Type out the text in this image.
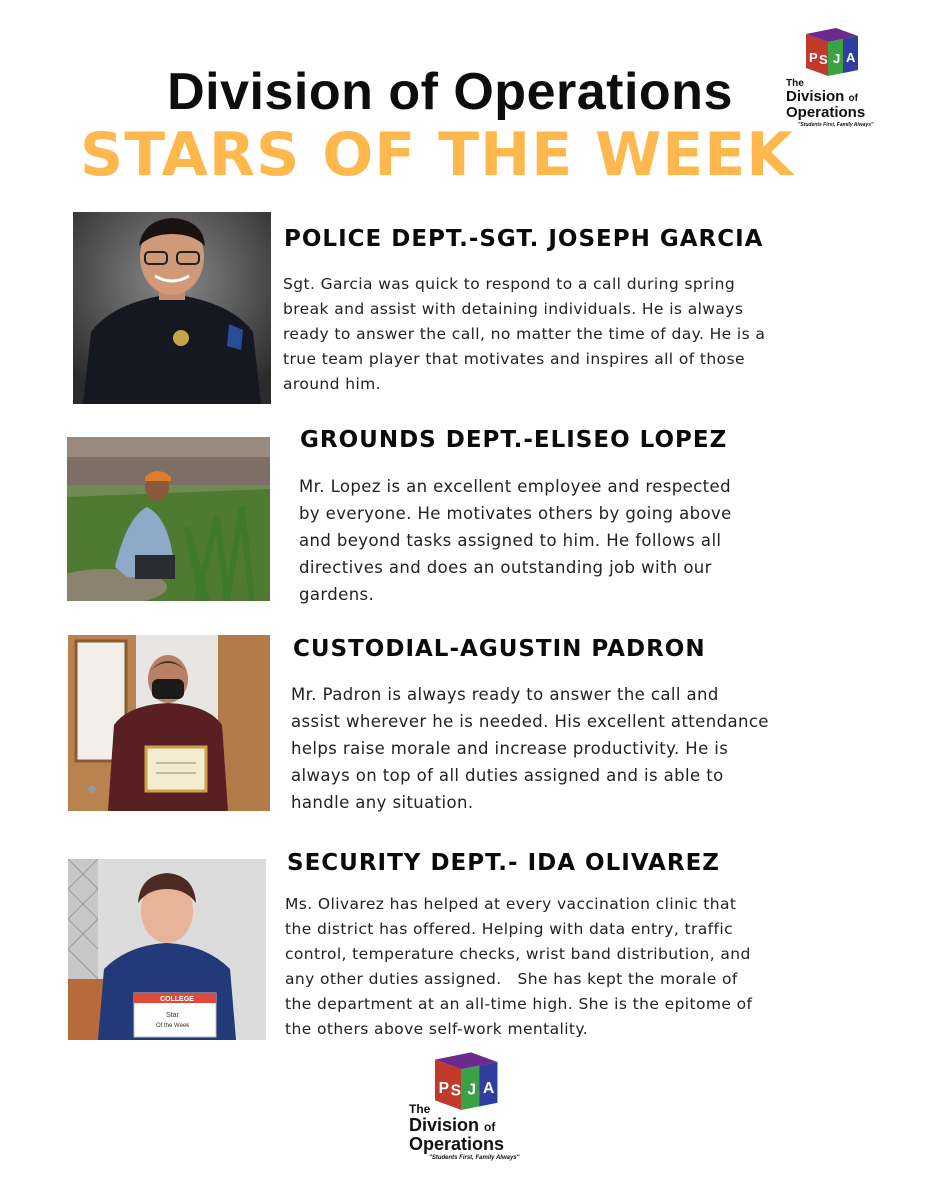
Division of Operations
STARS OF THE WEEK
P S J A
The
Division of
Operations
"Students First, Family Always"
POLICE DEPT.-SGT. JOSEPH GARCIA
Sgt. Garcia was quick to respond to a call during spring
break and assist with detaining individuals. He is always
ready to answer the call, no matter the time of day. He is a
true team player that motivates and inspires all of those
around him.
GROUNDS DEPT.-ELISEO LOPEZ
Mr. Lopez is an excellent employee and respected
by everyone. He motivates others by going above
and beyond tasks assigned to him. He follows all
directives and does an outstanding job with our
gardens.
CUSTODIAL-AGUSTIN PADRON
Mr. Padron is always ready to answer the call and
assist wherever he is needed. His excellent attendance
helps raise morale and increase productivity. He is
always on top of all duties assigned and is able to
handle any situation.
COLLEGE
Star
Of the Week
SECURITY DEPT.- IDA OLIVAREZ
Ms. Olivarez has helped at every vaccination clinic that
the district has offered. Helping with data entry, traffic
control, temperature checks, wrist band distribution, and
any other duties assigned.   She has kept the morale of
the department at an all-time high. She is the epitome of
the others above self-work mentality.
P S J A
The
Division of
Operations
"Students First, Family Always"
